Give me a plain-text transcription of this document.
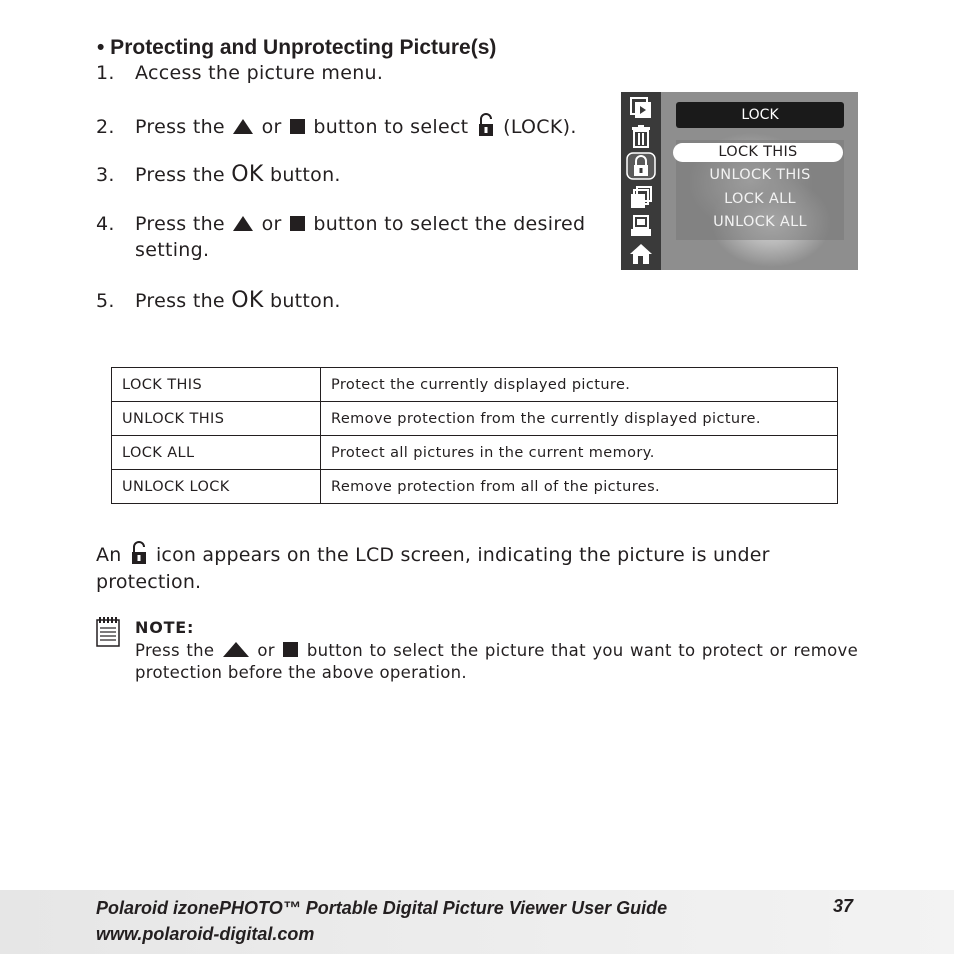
• Protecting and Unprotecting Picture(s)
1. Access the picture menu.
2. Press the or button to select (LOCK).
3. Press the OK button.
4. Press the or button to select the desired
setting.
5. Press the OK button.
LOCK
LOCK THIS
UNLOCK THIS
LOCK ALL
UNLOCK ALL
LOCK THIS	Protect the currently displayed picture.
UNLOCK THIS	Remove protection from the currently displayed picture.
LOCK ALL	Protect all pictures in the current memory.
UNLOCK LOCK	Remove protection from all of the pictures.
An icon appears on the LCD screen, indicating the picture is under protection.
NOTE:
Press the	or button to select the picture that you want to protect or remove protection before the above operation.
Polaroid izonePHOTO™ Portable Digital Picture Viewer User Guide
www.polaroid-digital.com
37
